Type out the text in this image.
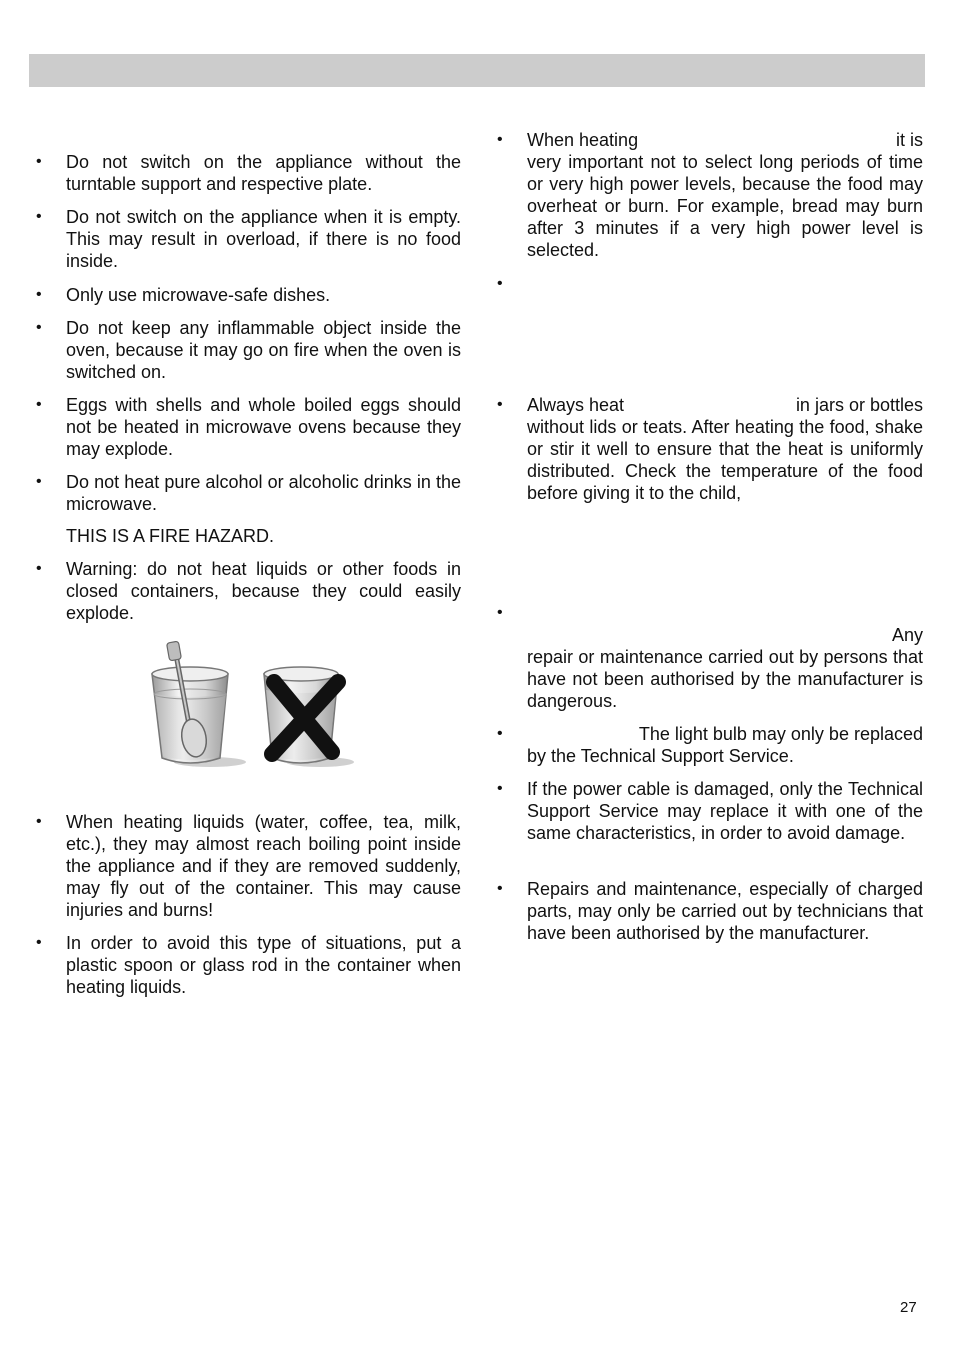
•	Do not switch on the appliance without the turntable support and respective plate.
•	Do not switch on the appliance when it is empty. This may result in overload, if there is no food inside.
•	Only use microwave-safe dishes.
•	Do not keep any inflammable object inside the oven, because it may go on fire when the oven is switched on.
•	Eggs with shells and whole boiled eggs should not be heated in microwave ovens because they may explode.
•	Do not heat pure alcohol or alcoholic drinks in the microwave.
THIS IS A FIRE HAZARD.
•	Warning: do not heat liquids or other foods in closed containers, because they could easily explode.
•	When heating liquids (water, coffee, tea, milk, etc.), they may almost reach boiling point inside the appliance and if they are removed suddenly, may fly out of the container. This may cause injuries and burns!
•	In order to avoid this type of situations, put a plastic spoon or glass rod in the container when heating liquids.
•	it is
When heating
very important not to select long periods of time or very high power levels, because the food may overheat or burn. For example, bread may burn after 3 minutes if a very high power level is selected.
•
•	in jars or bottles
Always heat
without lids or teats. After heating the food, shake or stir it well to ensure that the heat is uniformly distributed. Check the temperature of the food before giving it to the child,
•

Any

repair or maintenance carried out by persons that have not been authorised by the manufacturer is dangerous.
•	The light bulb may only be replaced

by the Technical Support Service.
•	If the power cable is damaged, only the Technical Support Service may replace it with one of the same characteristics, in order to avoid damage.
•	Repairs and maintenance, especially of charged parts, may only be carried out by technicians that have been authorised by the manufacturer.
27
